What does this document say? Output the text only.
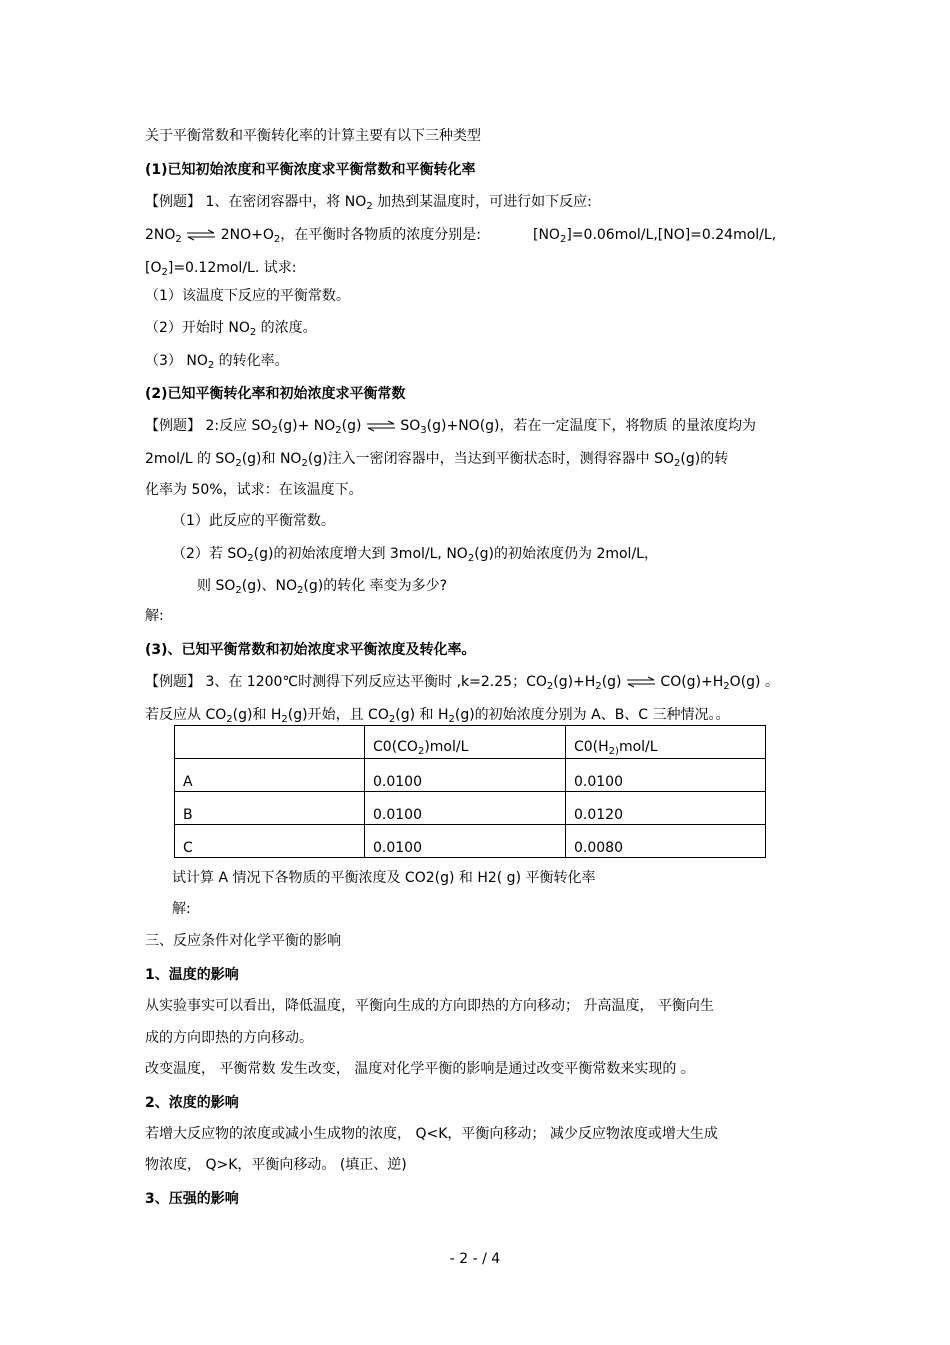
关于平衡常数和平衡转化率的计算主要有以下三种类型
(1)已知初始浓度和平衡浓度求平衡常数和平衡转化率
【例题】 1、在密闭容器中，将 $NO_2$ 加热到某温度时，可进行如下反应:
$2NO_2$ ⇌ $2NO+O_2$，在平衡时各物质的浓度分别是:	$[NO_2]=0.06mol/L,[NO]=0.24mol/L$,
$[O_2]=0.12mol/L$. 试求:
（1）该温度下反应的平衡常数。
（2）开始时 $NO_2$ 的浓度。
（3） $NO_2$ 的转化率。
(2)已知平衡转化率和初始浓度求平衡常数
【例题】 2:反应 $SO_2(g)+ NO_2(g)$ ⇌ $SO_3(g)+NO(g)$，若在一定温度下，将物质 的量浓度均为
2mol/L 的 $SO_2(g)$和 $NO_2(g)$注入一密闭容器中，当达到平衡状态时，测得容器中 $SO_2(g)$的转
化率为 50%，试求：在该温度下。
（1）此反应的平衡常数。
（2）若 $SO_2(g)$的初始浓度增大到 3mol/L, $NO_2(g)$的初始浓度仍为 2mol/L，
则 $SO_2(g)$、$NO_2(g)$的转化 率变为多少?
解:
(3)、已知平衡常数和初始浓度求平衡浓度及转化率。
【例题】 3、在 1200℃时测得下列反应达平衡时 ,k=2.25；$CO_2(g)+H_2(g)$ ⇌ $CO(g)+H_2O(g)$ 。
若反应从 $CO_2(g)$和 $H_2(g)$开始，且 $CO_2(g)$ 和 $H_2(g)$的初始浓度分别为 A、B、C 三种情况。。
	$C0(CO_2)mol/L$	$C0(H_{2)}mol/L$
A	0.0100	0.0100
B	0.0100	0.0120
C	0.0100	0.0080
试计算 A 情况下各物质的平衡浓度及 CO2(g) 和 H2( g) 平衡转化率
解:
三、反应条件对化学平衡的影响
1、温度的影响
从实验事实可以看出，降低温度，平衡向生成的方向即热的方向移动； 升高温度， 平衡向生
成的方向即热的方向移动。
改变温度， 平衡常数 发生改变， 温度对化学平衡的影响是通过改变平衡常数来实现的 。
2、浓度的影响
若增大反应物的浓度或减小生成物的浓度， Q<K，平衡向移动； 减少反应物浓度或增大生成
物浓度， Q>K，平衡向移动。 (填正、逆)
3、压强的影响
- 2 - / 4
